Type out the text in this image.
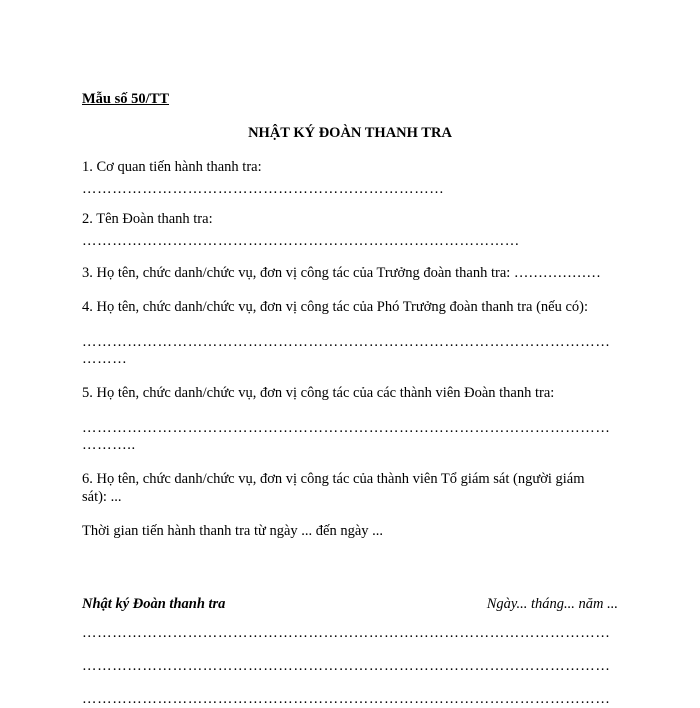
Mẫu số 50/TT
NHẬT KÝ ĐOÀN THANH TRA
1. Cơ quan tiến hành thanh tra:
………………………………………………………………
2. Tên Đoàn thanh tra:
……………………………………………………………………………
3. Họ tên, chức danh/chức vụ, đơn vị công tác của Trưởng đoàn thanh tra: ………………
4. Họ tên, chức danh/chức vụ, đơn vị công tác của Phó Trưởng đoàn thanh tra (nếu có):
……………………………………………………………………………………………
………
5. Họ tên, chức danh/chức vụ, đơn vị công tác của các thành viên Đoàn thanh tra:
……………………………………………………………………………………………
………..
6. Họ tên, chức danh/chức vụ, đơn vị công tác của thành viên Tổ giám sát (người giám
sát): ...
Thời gian tiến hành thanh tra từ ngày ... đến ngày ...
Nhật ký Đoàn thanh tra	Ngày... tháng... năm ...
……………………………………………………………………………………………
……………………………………………………………………………………………
……………………………………………………………………………………………
